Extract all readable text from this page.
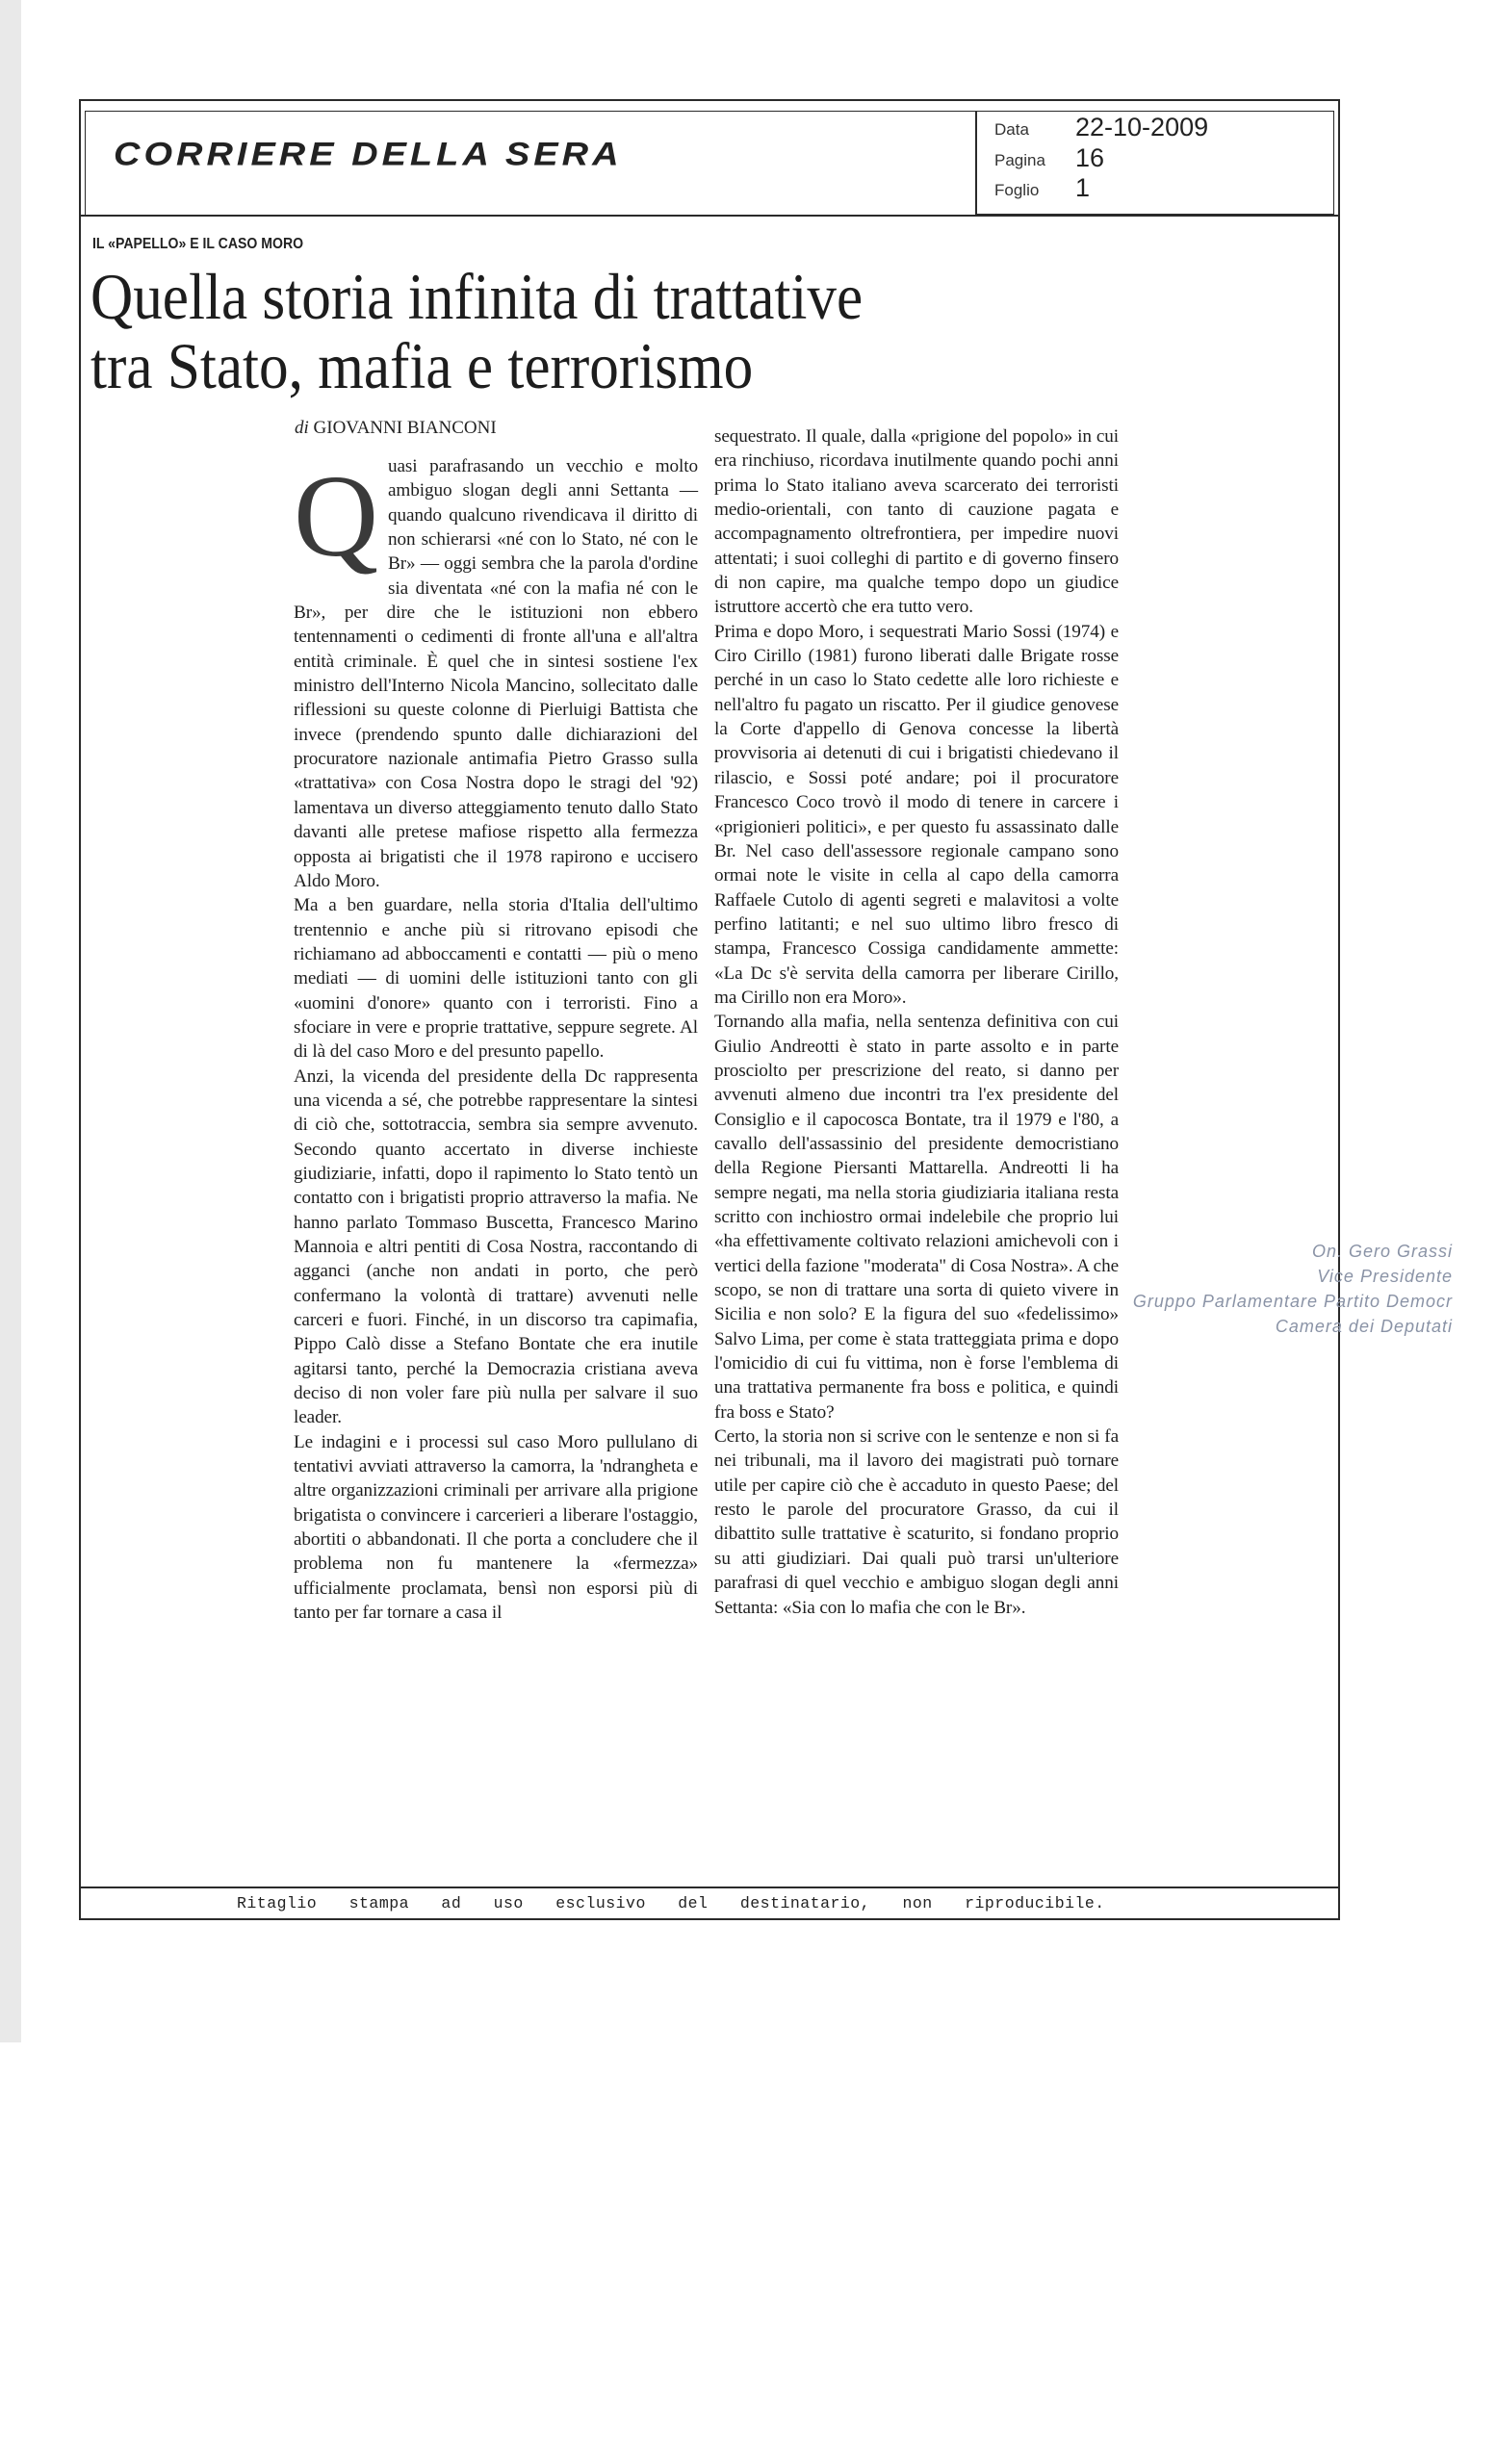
CORRIERE DELLA SERA
Data 22-10-2009
Pagina 16
Foglio 1

IL «PAPELLO» E IL CASO MORO

Quella storia infinita di trattative
tra Stato, mafia e terrorismo
di GIOVANNI BIANCONI
Q uasi parafrasando un vecchio e molto ambiguo slogan degli anni Settanta — quando qualcuno rivendicava il diritto di non schierarsi «né con lo Stato, né con le Br» — oggi sembra che la parola d'ordine sia diventata «né con la mafia né con le Br», per dire che le istituzioni non ebbero tentennamenti o cedimenti di fronte all'una e all'altra entità criminale. È quel che in sintesi sostiene l'ex ministro dell'Interno Nicola Mancino, sollecitato dalle riflessioni su queste colonne di Pierluigi Battista che invece (prendendo spunto dalle dichiarazioni del procuratore nazionale antimafia Pietro Grasso sulla «trattativa» con Cosa Nostra dopo le stragi del '92) lamentava un diverso atteggiamento tenuto dallo Stato davanti alle pretese mafiose rispetto alla fermezza opposta ai brigatisti che il 1978 rapirono e uccisero Aldo Moro.

Ma a ben guardare, nella storia d'Italia dell'ultimo trentennio e anche più si ritrovano episodi che richiamano ad abboccamenti e contatti — più o meno mediati — di uomini delle istituzioni tanto con gli «uomini d'onore» quanto con i terroristi. Fino a sfociare in vere e proprie trattative, seppure segrete. Al di là del caso Moro e del presunto papello.

Anzi, la vicenda del presidente della Dc rappresenta una vicenda a sé, che potrebbe rappresentare la sintesi di ciò che, sottotraccia, sembra sia sempre avvenuto. Secondo quanto accertato in diverse inchieste giudiziarie, infatti, dopo il rapimento lo Stato tentò un contatto con i brigatisti proprio attraverso la mafia. Ne hanno parlato Tommaso Buscetta, Francesco Marino Mannoia e altri pentiti di Cosa Nostra, raccontando di agganci (anche non andati in porto, che però confermano la volontà di trattare) avvenuti nelle carceri e fuori. Finché, in un discorso tra capimafia, Pippo Calò disse a Stefano Bontate che era inutile agitarsi tanto, perché la Democrazia cristiana aveva deciso di non voler fare più nulla per salvare il suo leader.

Le indagini e i processi sul caso Moro pullulano di tentativi avviati attraverso la camorra, la 'ndrangheta e altre organizzazioni criminali per arrivare alla prigione brigatista o convincere i carcerieri a liberare l'ostaggio, abortiti o abbandonati. Il che porta a concludere che il problema non fu mantenere la «fermezza» ufficialmente proclamata, bensì non esporsi più di tanto per far tornare a casa il

sequestrato. Il quale, dalla «prigione del popolo» in cui era rinchiuso, ricordava inutilmente quando pochi anni prima lo Stato italiano aveva scarcerato dei terroristi medio-orientali, con tanto di cauzione pagata e accompagnamento oltrefrontiera, per impedire nuovi attentati; i suoi colleghi di partito e di governo finsero di non capire, ma qualche tempo dopo un giudice istruttore accertò che era tutto vero.

Prima e dopo Moro, i sequestrati Mario Sossi (1974) e Ciro Cirillo (1981) furono liberati dalle Brigate rosse perché in un caso lo Stato cedette alle loro richieste e nell'altro fu pagato un riscatto. Per il giudice genovese la Corte d'appello di Genova concesse la libertà provvisoria ai detenuti di cui i brigatisti chiedevano il rilascio, e Sossi poté andare; poi il procuratore Francesco Coco trovò il modo di tenere in carcere i «prigionieri politici», e per questo fu assassinato dalle Br. Nel caso dell'assessore regionale campano sono ormai note le visite in cella al capo della camorra Raffaele Cutolo di agenti segreti e malavitosi a volte perfino latitanti; e nel suo ultimo libro fresco di stampa, Francesco Cossiga candidamente ammette: «La Dc s'è servita della camorra per liberare Cirillo, ma Cirillo non era Moro».

Tornando alla mafia, nella sentenza definitiva con cui Giulio Andreotti è stato in parte assolto e in parte prosciolto per prescrizione del reato, si danno per avvenuti almeno due incontri tra l'ex presidente del Consiglio e il capocosca Bontate, tra il 1979 e l'80, a cavallo dell'assassinio del presidente democristiano della Regione Piersanti Mattarella. Andreotti li ha sempre negati, ma nella storia giudiziaria italiana resta scritto con inchiostro ormai indelebile che proprio lui «ha effettivamente coltivato relazioni amichevoli con i vertici della fazione "moderata" di Cosa Nostra». A che scopo, se non di trattare una sorta di quieto vivere in Sicilia e non solo? E la figura del suo «fedelissimo» Salvo Lima, per come è stata tratteggiata prima e dopo l'omicidio di cui fu vittima, non è forse l'emblema di una trattativa permanente fra boss e politica, e quindi fra boss e Stato?

Certo, la storia non si scrive con le sentenze e non si fa nei tribunali, ma il lavoro dei magistrati può tornare utile per capire ciò che è accaduto in questo Paese; del resto le parole del procuratore Grasso, da cui il dibattito sulle trattative è scaturito, si fondano proprio su atti giudiziari. Dai quali può trarsi un'ulteriore parafrasi di quel vecchio e ambiguo slogan degli anni Settanta: «Sia con lo mafia che con le Br».

Ritaglio stampa ad uso esclusivo del destinatario, non riproducibile.

On. Gero Grassi
Vice Presidente
Gruppo Parlamentare Partito Democr
Camera dei Deputati
